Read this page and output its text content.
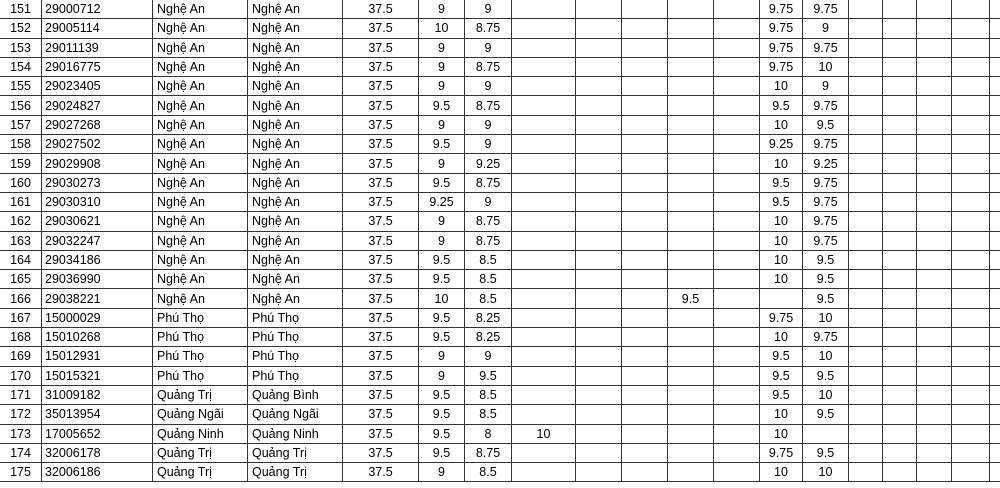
151	29000712	Nghệ An	Nghệ An	37.5	9	9						9.75	9.75						
152	29005114	Nghệ An	Nghệ An	37.5	10	8.75						9.75	9						
153	29011139	Nghệ An	Nghệ An	37.5	9	9						9.75	9.75						
154	29016775	Nghệ An	Nghệ An	37.5	9	8.75						9.75	10						
155	29023405	Nghệ An	Nghệ An	37.5	9	9						10	9						
156	29024827	Nghệ An	Nghệ An	37.5	9.5	8.75						9.5	9.75						
157	29027268	Nghệ An	Nghệ An	37.5	9	9						10	9.5						
158	29027502	Nghệ An	Nghệ An	37.5	9.5	9						9.25	9.75						
159	29029908	Nghệ An	Nghệ An	37.5	9	9.25						10	9.25						
160	29030273	Nghệ An	Nghệ An	37.5	9.5	8.75						9.5	9.75						
161	29030310	Nghệ An	Nghệ An	37.5	9.25	9						9.5	9.75						
162	29030621	Nghệ An	Nghệ An	37.5	9	8.75						10	9.75						
163	29032247	Nghệ An	Nghệ An	37.5	9	8.75						10	9.75						
164	29034186	Nghệ An	Nghệ An	37.5	9.5	8.5						10	9.5						
165	29036990	Nghệ An	Nghệ An	37.5	9.5	8.5						10	9.5						
166	29038221	Nghệ An	Nghệ An	37.5	10	8.5				9.5			9.5						
167	15000029	Phú Thọ	Phú Thọ	37.5	9.5	8.25						9.75	10						
168	15010268	Phú Thọ	Phú Thọ	37.5	9.5	8.25						10	9.75						
169	15012931	Phú Thọ	Phú Thọ	37.5	9	9						9.5	10						
170	15015321	Phú Thọ	Phú Thọ	37.5	9	9.5						9.5	9.5						
171	31009182	Quảng Trị	Quảng Bình	37.5	9.5	8.5						9.5	10						
172	35013954	Quảng Ngãi	Quảng Ngãi	37.5	9.5	8.5						10	9.5						
173	17005652	Quảng Ninh	Quảng Ninh	37.5	9.5	8	10					10							
174	32006178	Quảng Trị	Quảng Trị	37.5	9.5	8.75						9.75	9.5						
175	32006186	Quảng Trị	Quảng Trị	37.5	9	8.5						10	10						
